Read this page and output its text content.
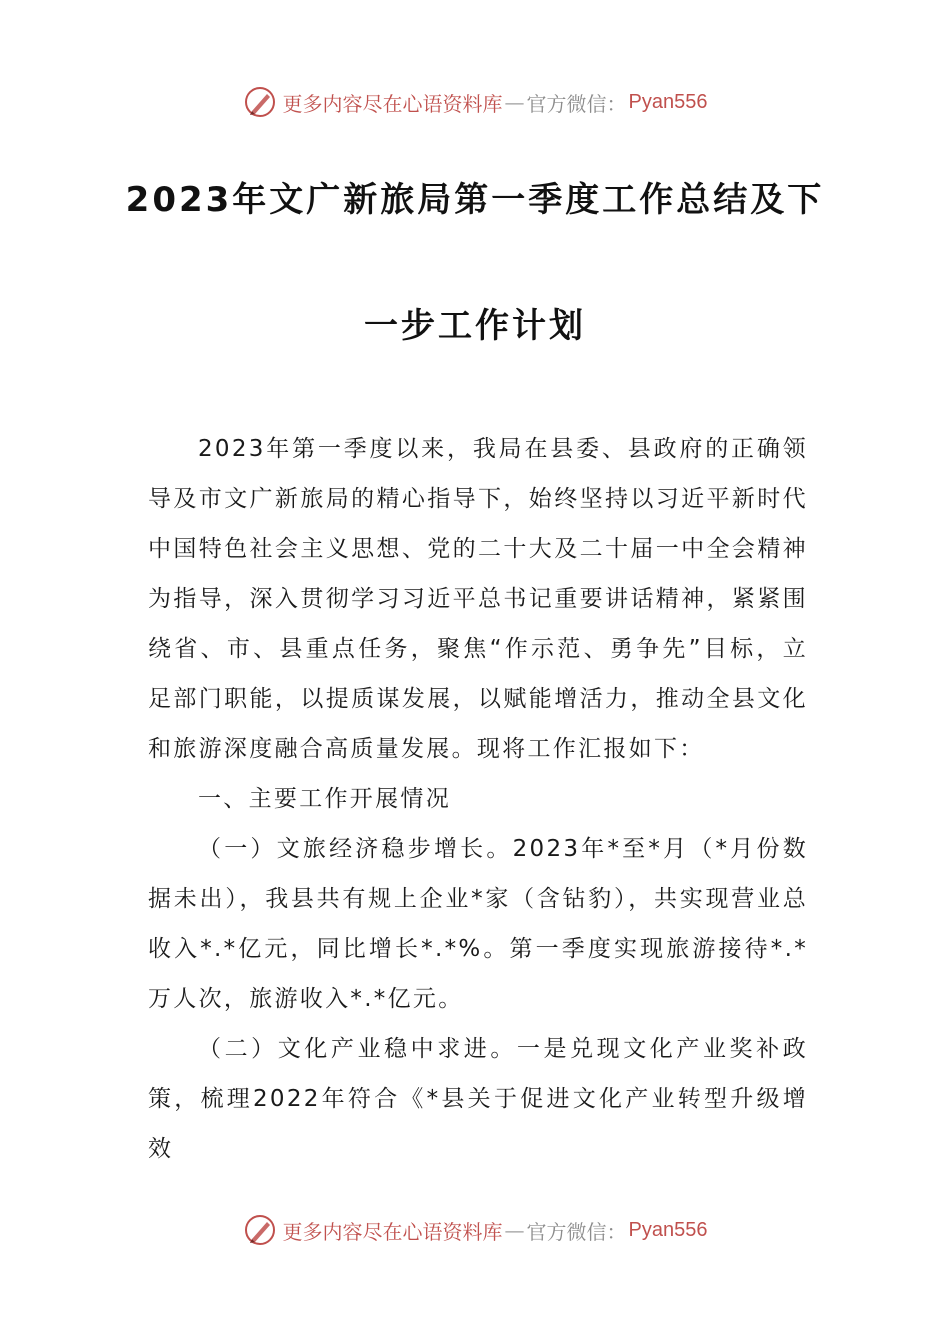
更多内容尽在心语资料库 — 官方微信： Pyan556
2023年文广新旅局第一季度工作总结及下
一步工作计划

2023年第一季度以来，我局在县委、县政府的正确领导及市文广新旅局的精心指导下，始终坚持以习近平新时代中国特色社会主义思想、党的二十大及二十届一中全会精神为指导，深入贯彻学习习近平总书记重要讲话精神，紧紧围绕省、市、县重点任务，聚焦“作示范、勇争先”目标，立足部门职能，以提质谋发展，以赋能增活力，推动全县文化和旅游深度融合高质量发展。现将工作汇报如下：

一、主要工作开展情况

（一）文旅经济稳步增长。2023年*至*月（*月份数据未出），我县共有规上企业*家（含钻豹），共实现营业总收入*.*亿元，同比增长*.*%。第一季度实现旅游接待*.*万人次，旅游收入*.*亿元。

（二）文化产业稳中求进。一是兑现文化产业奖补政策，梳理2022年符合《*县关于促进文化产业转型升级增效

更多内容尽在心语资料库 — 官方微信： Pyan556
